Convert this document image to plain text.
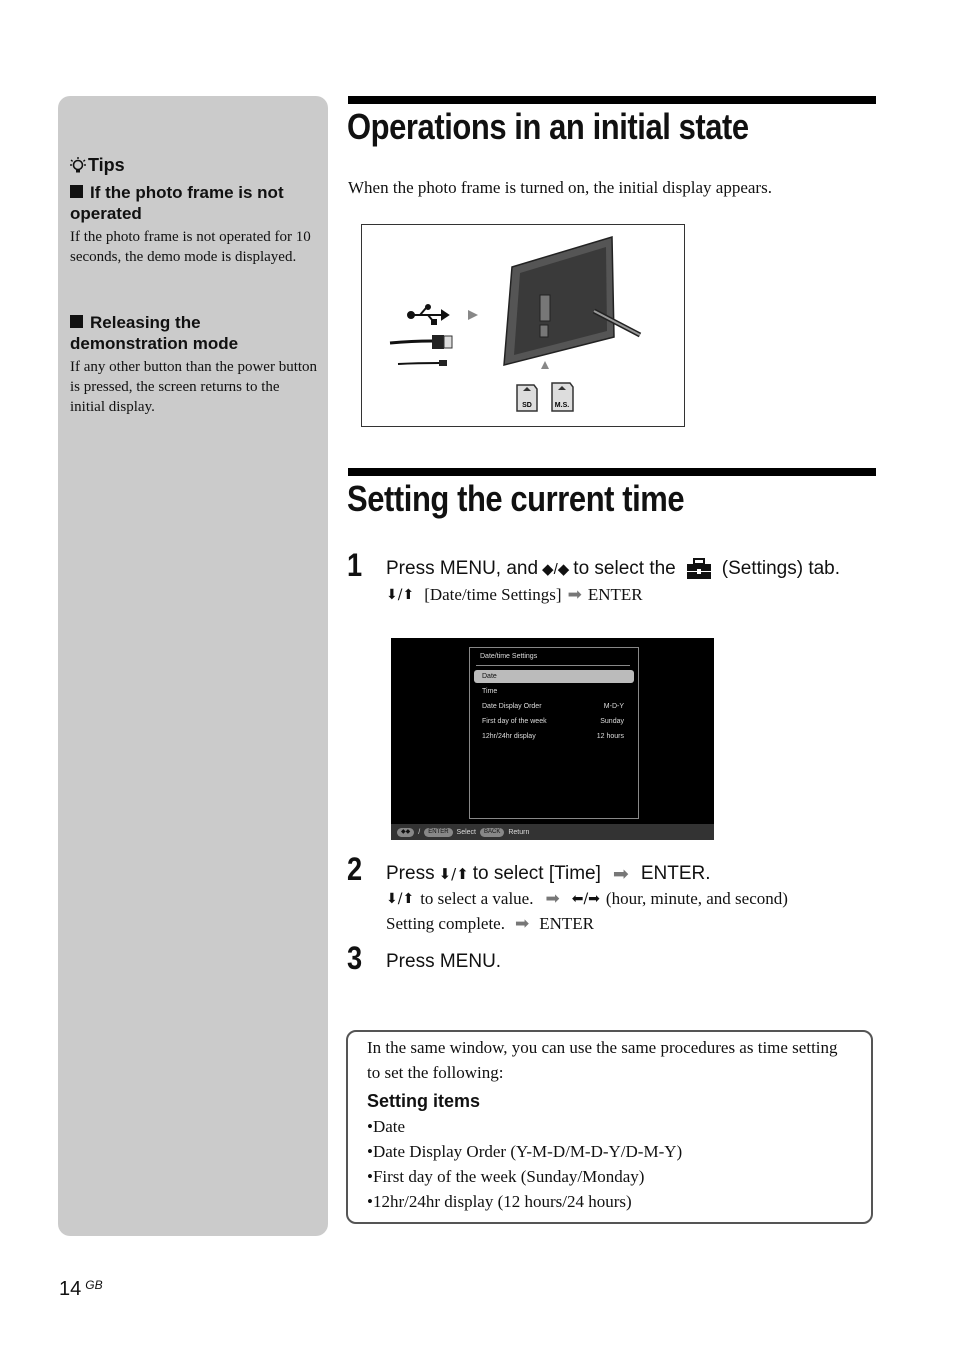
Tips
If the photo frame is not operated

If the photo frame is not operated for 10 seconds, the demo mode is displayed.

Releasing the demonstration mode

If any other button than the power button is pressed, the screen returns to the initial display.

Operations in an initial state
When the photo frame is turned on, the initial display appears.
SD	M.S.
Setting the current time
1 Press MENU, and ◆/◆ to select the (Settings) tab.
⬇/⬆ [Date/time Settings] ➡ ENTER
Date/time Settings
Date
Time
Date Display Order	M-D-Y
First day of the week	Sunday
12hr/24hr display	12 hours
◆◆	/	ENTER	Select	BACK	Return
2 Press ⬇/⬆ to select [Time] ➡ ENTER.
⬇/⬆ to select a value. ➡ ⬅/➡ (hour, minute, and second)
Setting complete. ➡ ENTER
3 Press MENU.
In the same window, you can use the same procedures as time setting to set the following:
Setting items
•Date
•Date Display Order (Y-M-D/M-D-Y/D-M-Y)
•First day of the week (Sunday/Monday)
•12hr/24hr display (12 hours/24 hours)
14 $^{GB}$
